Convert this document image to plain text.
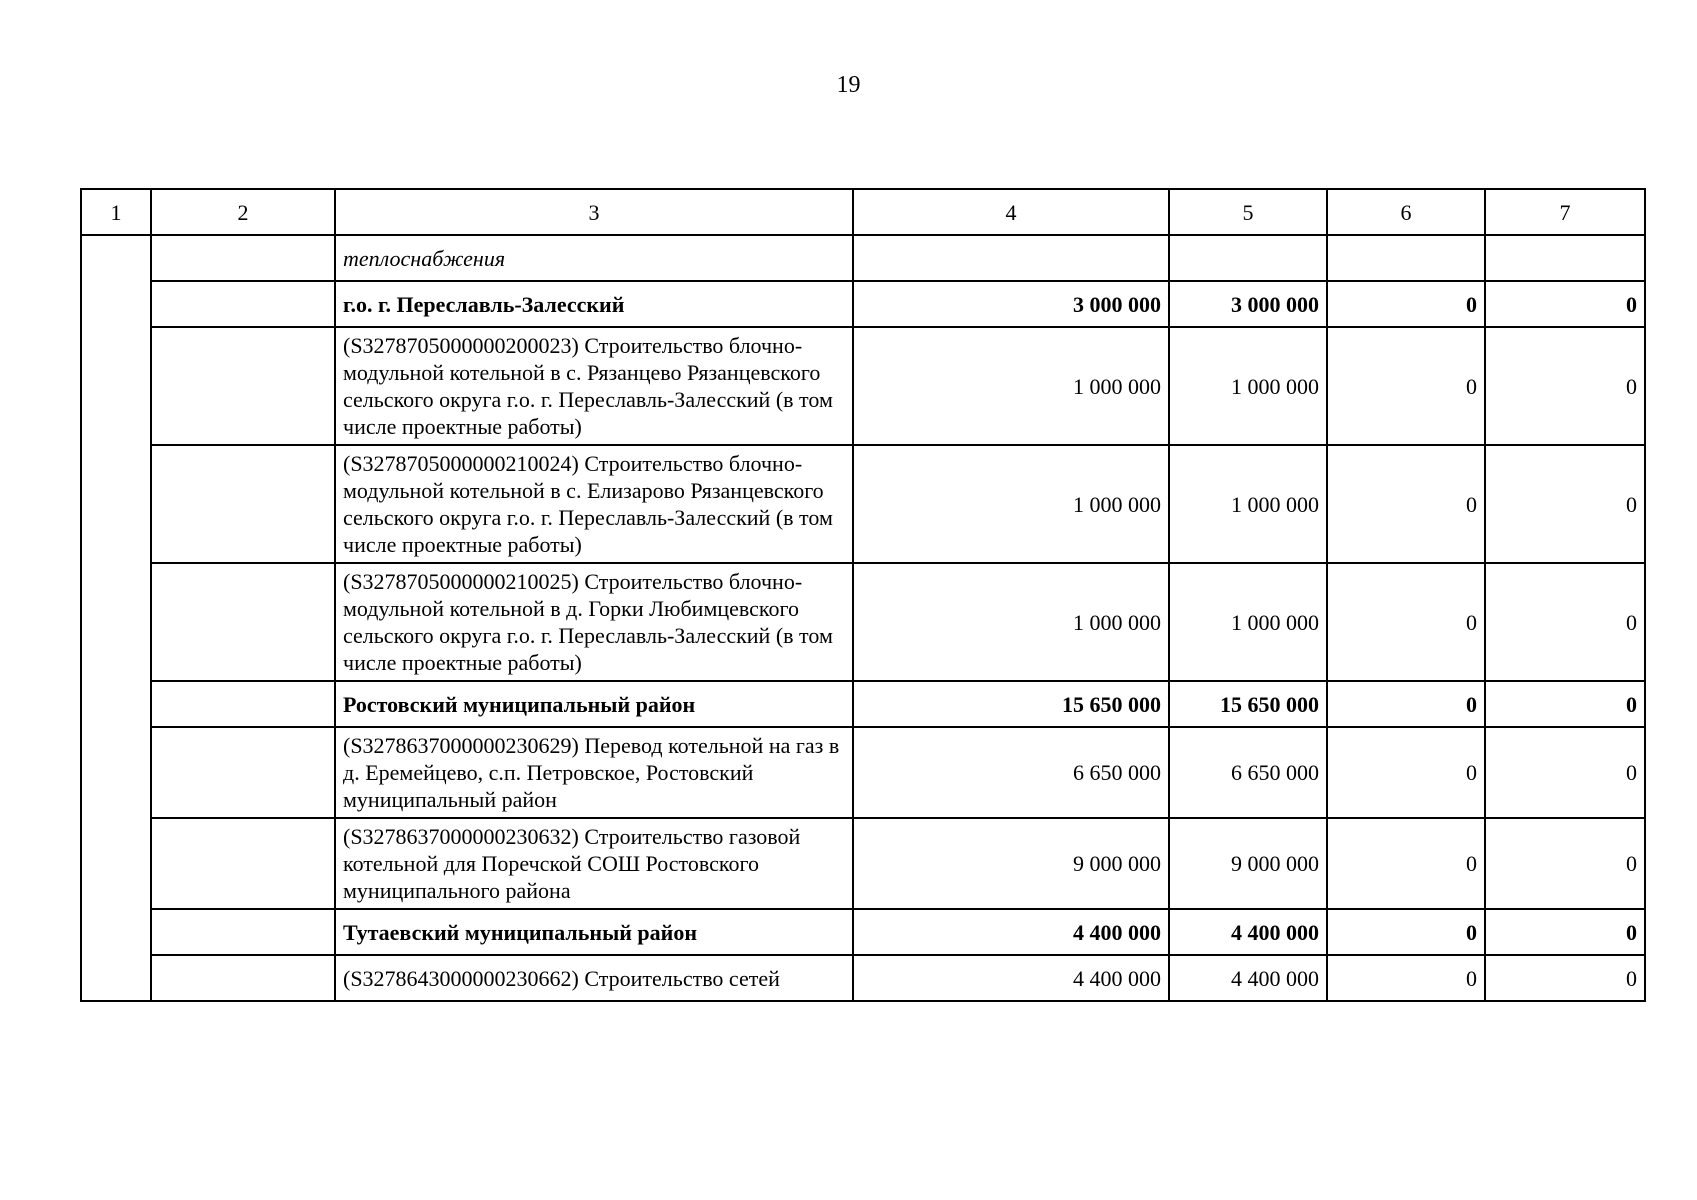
19
1	2	3	4	5	6	7
		теплоснабжения				
		г.о. г. Переславль-Залесский	3 000 000	3 000 000	0	0
		(S3278705000000200023) Строительство блочно-модульной котельной в с. Рязанцево Рязанцевского сельского округа г.о. г. Переславль-Залесский (в том числе проектные работы)	1 000 000	1 000 000	0	0
		(S3278705000000210024) Строительство блочно-модульной котельной в с. Елизарово Рязанцевского сельского округа г.о. г. Переславль-Залесский (в том числе проектные работы)	1 000 000	1 000 000	0	0
		(S3278705000000210025) Строительство блочно-модульной котельной в д. Горки Любимцевского сельского округа г.о. г. Переславль-Залесский (в том числе проектные работы)	1 000 000	1 000 000	0	0
		Ростовский муниципальный район	15 650 000	15 650 000	0	0
		(S3278637000000230629) Перевод котельной на газ в д. Еремейцево, с.п. Петровское, Ростовский муниципальный район	6 650 000	6 650 000	0	0
		(S3278637000000230632) Строительство газовой котельной для Поречской СОШ Ростовского муниципального района	9 000 000	9 000 000	0	0
		Тутаевский муниципальный район	4 400 000	4 400 000	0	0
		(S3278643000000230662) Строительство сетей	4 400 000	4 400 000	0	0
